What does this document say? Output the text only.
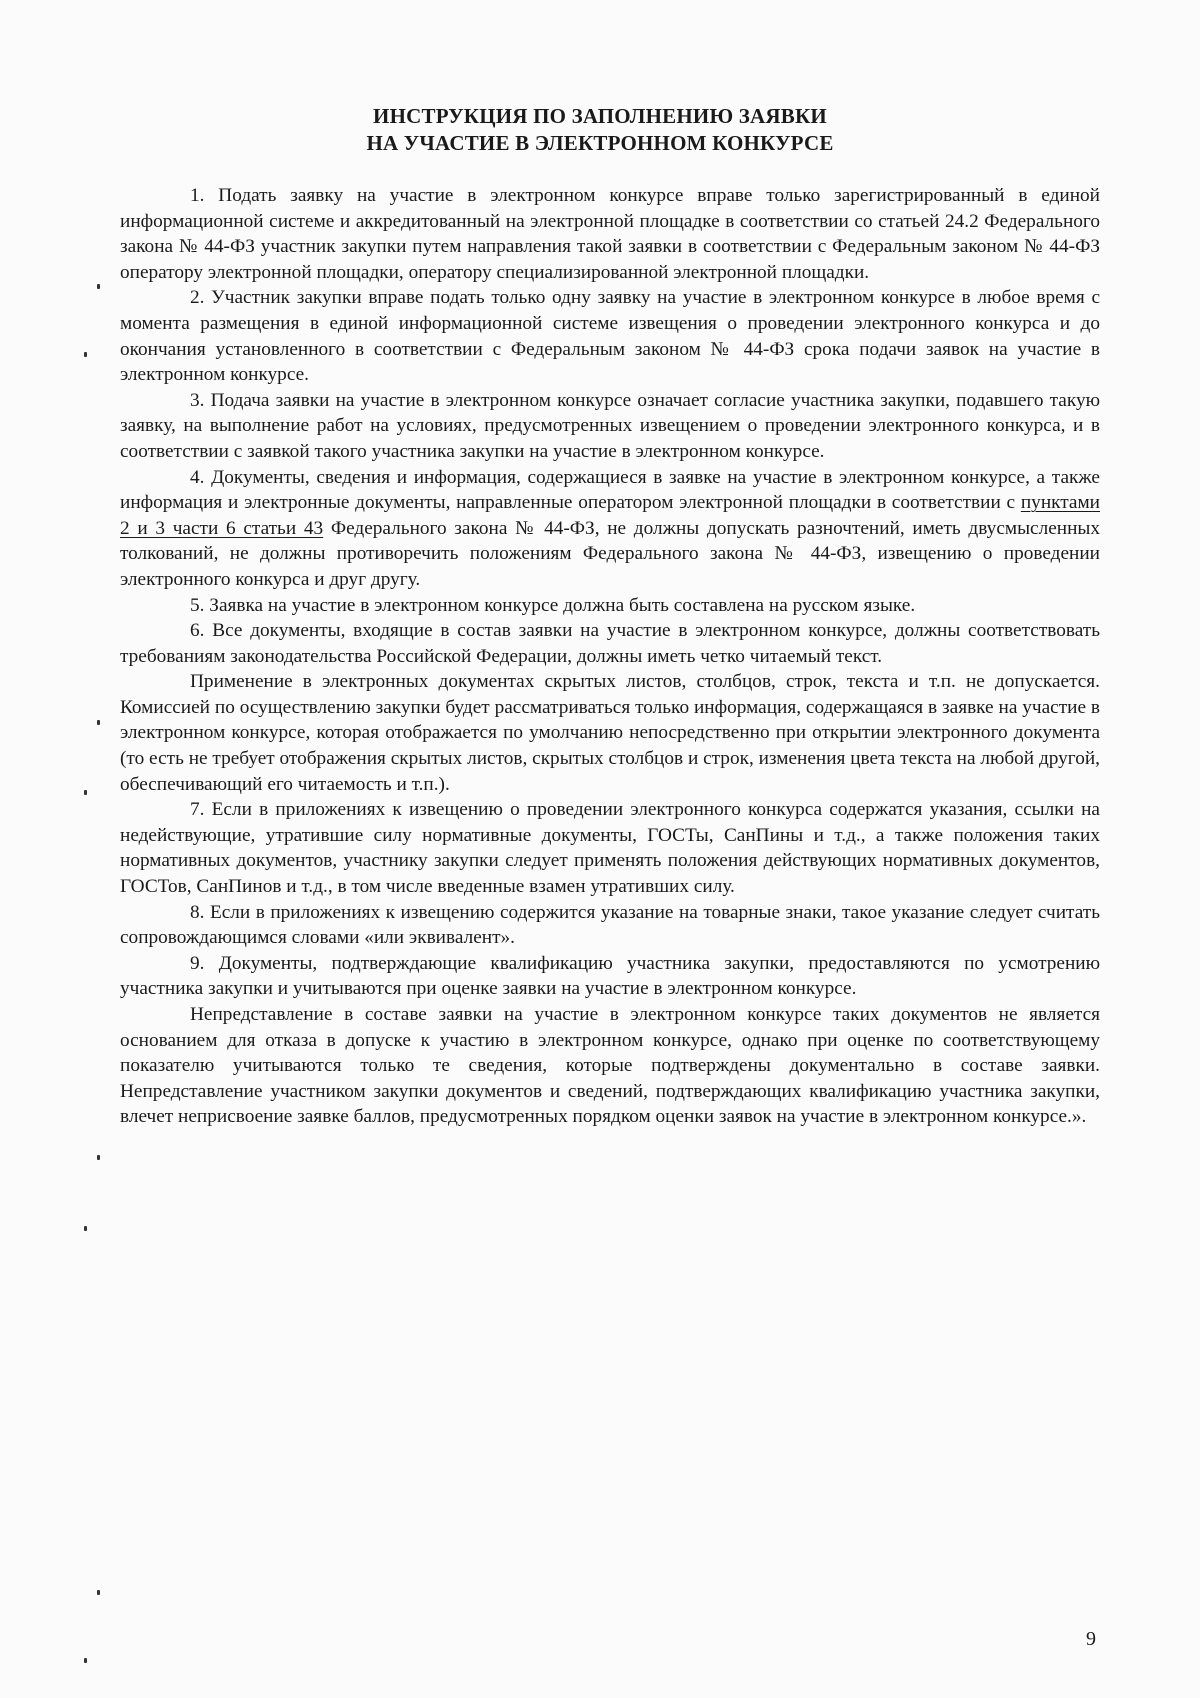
ИНСТРУКЦИЯ ПО ЗАПОЛНЕНИЮ ЗАЯВКИ
НА УЧАСТИЕ В ЭЛЕКТРОННОМ КОНКУРСЕ

1. Подать заявку на участие в электронном конкурсе вправе только зарегистрированный в единой информационной системе и аккредитованный на электронной площадке в соответствии со статьей 24.2 Федерального закона № 44-ФЗ участник закупки путем направления такой заявки в соответствии с Федеральным законом № 44-ФЗ оператору электронной площадки, оператору специализированной электронной площадки.

2. Участник закупки вправе подать только одну заявку на участие в электронном конкурсе в любое время с момента размещения в единой информационной системе извещения о проведении электронного конкурса и до окончания установленного в соответствии с Федеральным законом № 44-ФЗ срока подачи заявок на участие в электронном конкурсе.

3. Подача заявки на участие в электронном конкурсе означает согласие участника закупки, подавшего такую заявку, на выполнение работ на условиях, предусмотренных извещением о проведении электронного конкурса, и в соответствии с заявкой такого участника закупки на участие в электронном конкурсе.

4. Документы, сведения и информация, содержащиеся в заявке на участие в электронном конкурсе, а также информация и электронные документы, направленные оператором электронной площадки в соответствии с пунктами 2 и 3 части 6 статьи 43 Федерального закона № 44-ФЗ, не должны допускать разночтений, иметь двусмысленных толкований, не должны противоречить положениям Федерального закона № 44-ФЗ, извещению о проведении электронного конкурса и друг другу.

5. Заявка на участие в электронном конкурсе должна быть составлена на русском языке.

6. Все документы, входящие в состав заявки на участие в электронном конкурсе, должны соответствовать требованиям законодательства Российской Федерации, должны иметь четко читаемый текст.

Применение в электронных документах скрытых листов, столбцов, строк, текста и т.п. не допускается. Комиссией по осуществлению закупки будет рассматриваться только информация, содержащаяся в заявке на участие в электронном конкурсе, которая отображается по умолчанию непосредственно при открытии электронного документа (то есть не требует отображения скрытых листов, скрытых столбцов и строк, изменения цвета текста на любой другой, обеспечивающий его читаемость и т.п.).

7. Если в приложениях к извещению о проведении электронного конкурса содержатся указания, ссылки на недействующие, утратившие силу нормативные документы, ГОСТы, СанПины и т.д., а также положения таких нормативных документов, участнику закупки следует применять положения действующих нормативных документов, ГОСТов, СанПинов и т.д., в том числе введенные взамен утративших силу.

8. Если в приложениях к извещению содержится указание на товарные знаки, такое указание следует считать сопровождающимся словами «или эквивалент».

9. Документы, подтверждающие квалификацию участника закупки, предоставляются по усмотрению участника закупки и учитываются при оценке заявки на участие в электронном конкурсе.

Непредставление в составе заявки на участие в электронном конкурсе таких документов не является основанием для отказа в допуске к участию в электронном конкурсе, однако при оценке по соответствующему показателю учитываются только те сведения, которые подтверждены документально в составе заявки. Непредставление участником закупки документов и сведений, подтверждающих квалификацию участника закупки, влечет неприсвоение заявке баллов, предусмотренных порядком оценки заявок на участие в электронном конкурсе.».

9
